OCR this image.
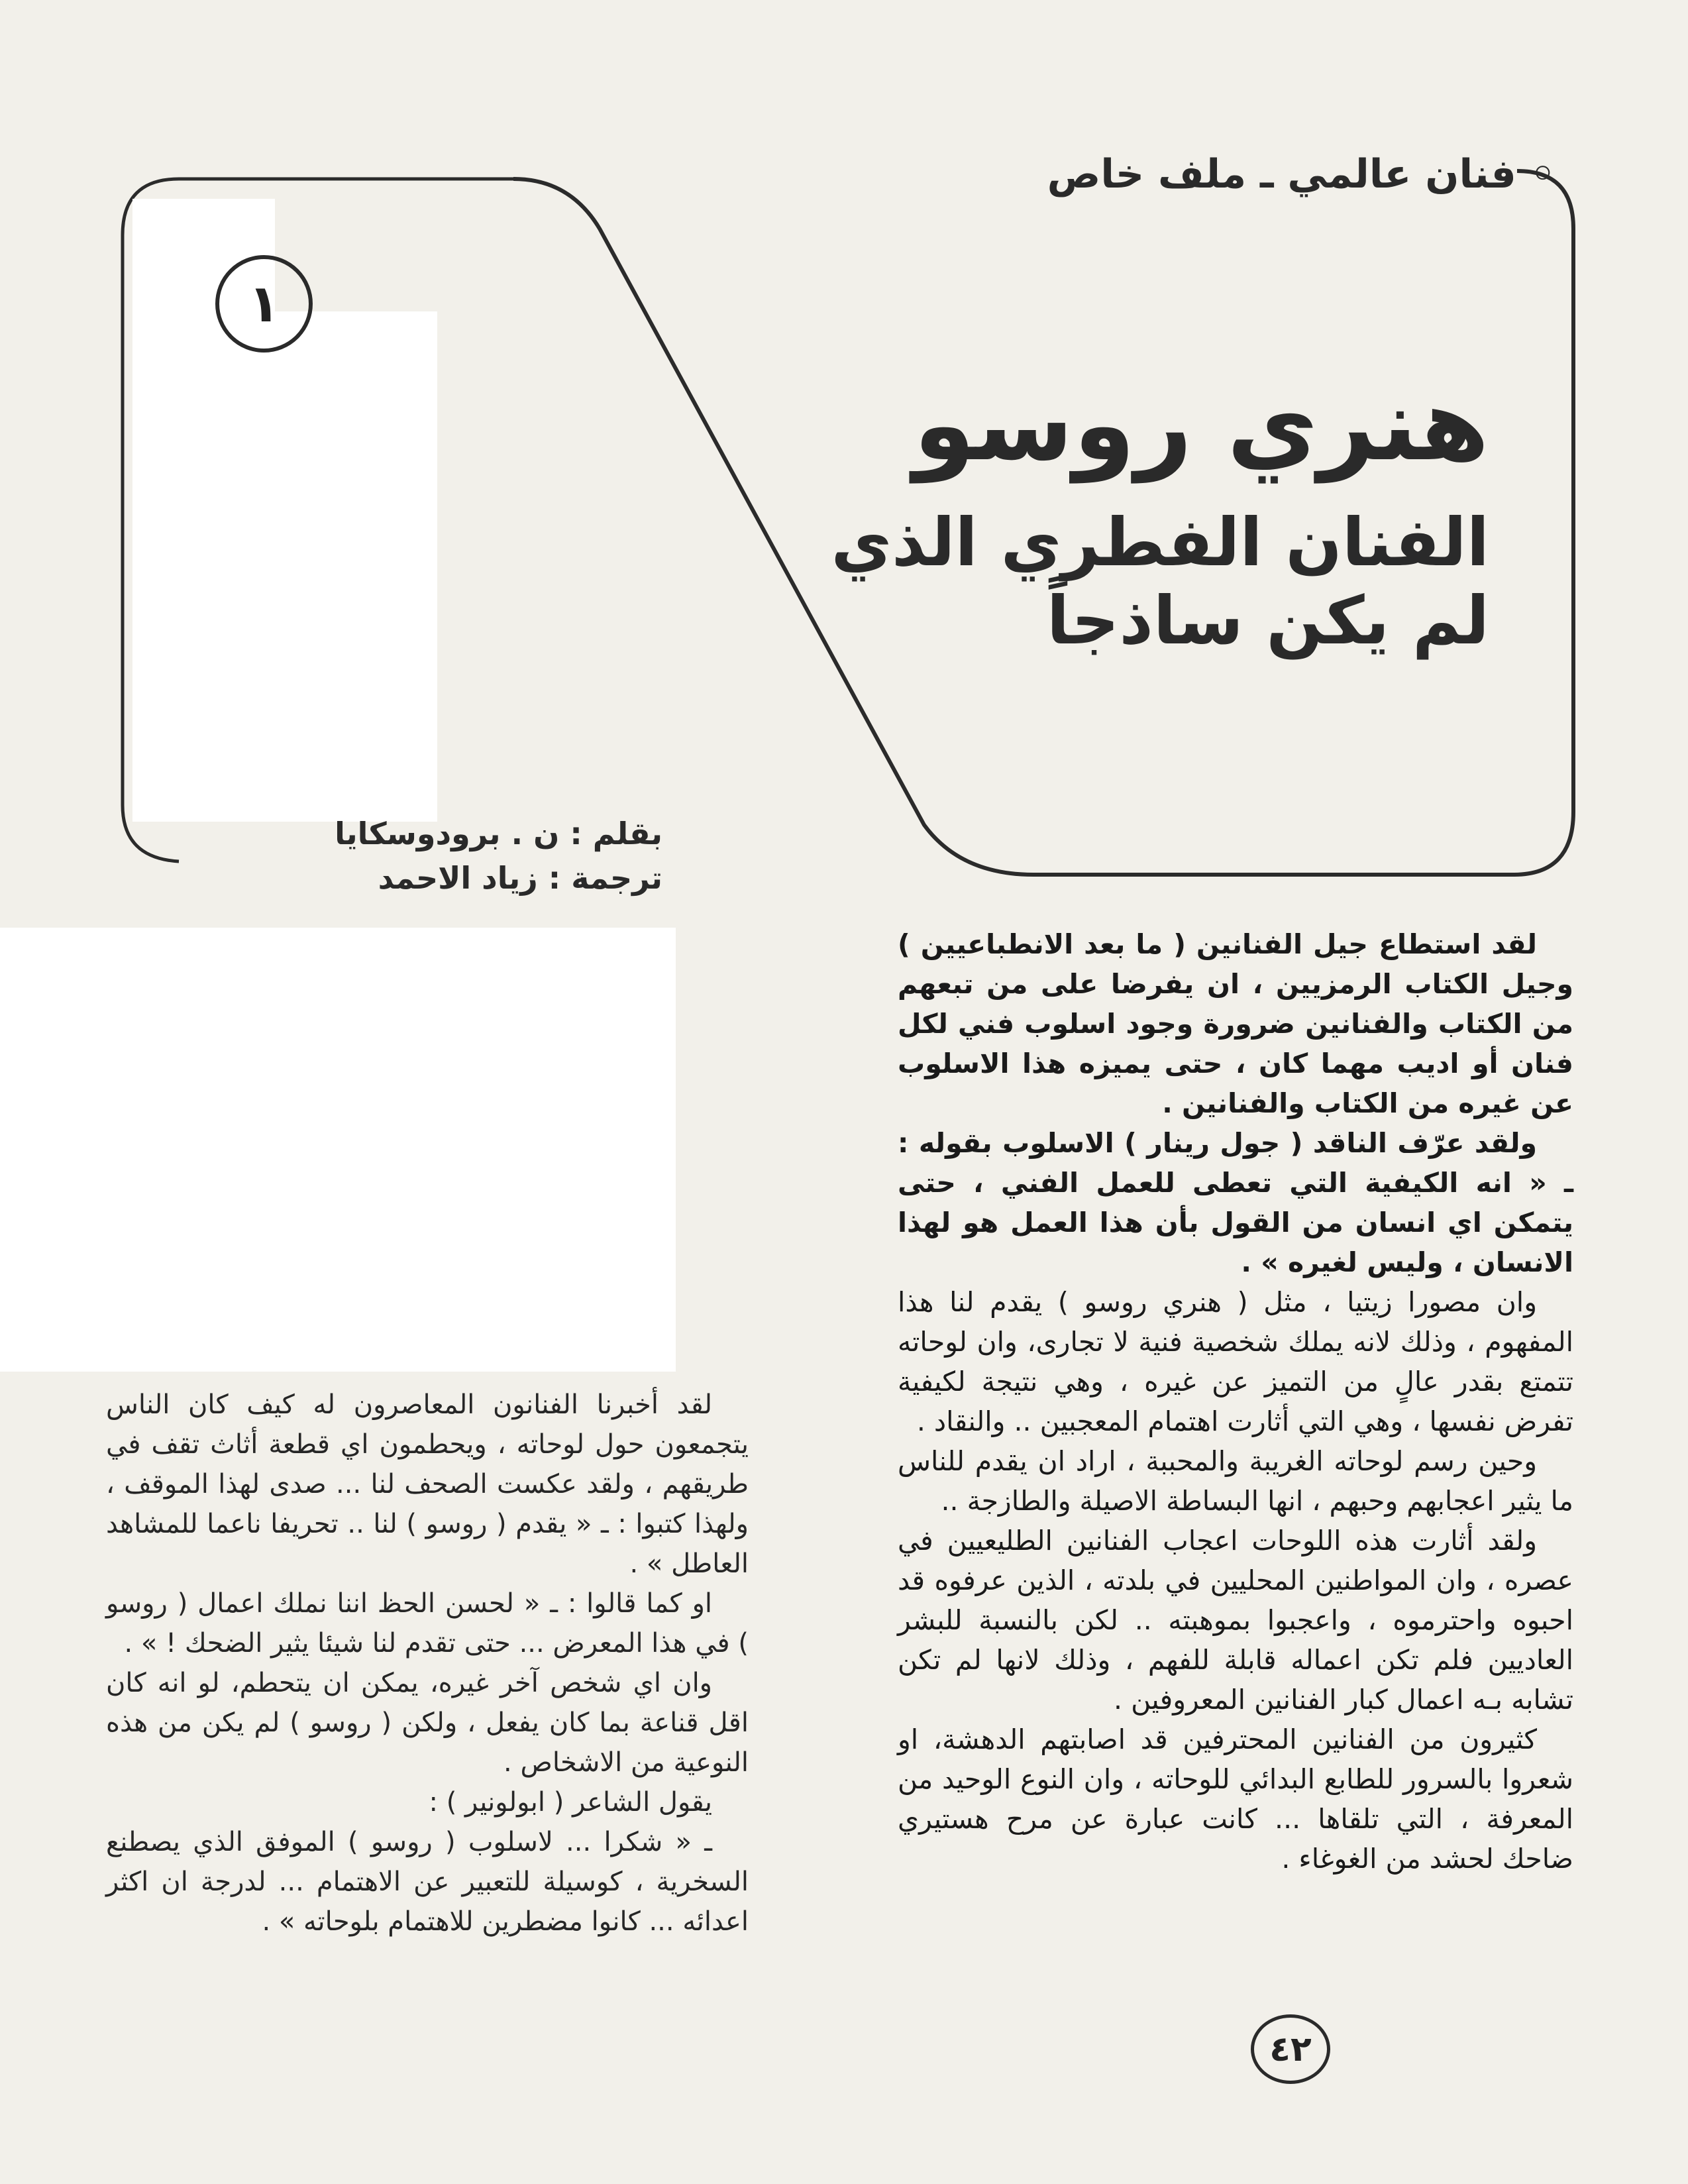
◦ فنان عالمي ـ ملف خاص
١
هنري روسو
الفنان الفطري الذي
لم يكن ساذجاً
بقلم : ن . برودوسكايا
ترجمة : زياد الاحمد

لقد استطاع جيل الفنانين ( ما بعد الانطباعيين ) وجيل الكتاب الرمزيين ، ان يفرضا على من تبعهم من الكتاب والفنانين ضرورة وجود اسلوب فني لكل فنان أو اديب مهما كان ، حتى يميزه هذا الاسلوب عن غيره من الكتاب والفنانين .

ولقد عرّف الناقد ( جول رينار ) الاسلوب بقوله : ـ « انه الكيفية التي تعطى للعمل الفني ، حتى يتمكن اي انسان من القول بأن هذا العمل هو لهذا الانسان ، وليس لغيره » .

وان مصورا زيتيا ، مثل ( هنري روسو ) يقدم لنا هذا المفهوم ، وذلك لانه يملك شخصية فنية لا تجارى، وان لوحاته تتمتع بقدر عالٍ من التميز عن غيره ، وهي نتيجة لكيفية تفرض نفسها ، وهي التي أثارت اهتمام المعجبين .. والنقاد .

وحين رسم لوحاته الغريبة والمحببة ، اراد ان يقدم للناس ما يثير اعجابهم وحبهم ، انها البساطة الاصيلة والطازجة ..

ولقد أثارت هذه اللوحات اعجاب الفنانين الطليعيين في عصره ، وان المواطنين المحليين في بلدته ، الذين عرفوه قد احبوه واحترموه ، واعجبوا بموهبته .. لكن بالنسبة للبشر العاديين فلم تكن اعماله قابلة للفهم ، وذلك لانها لم تكن تشابه بـه اعمال كبار الفنانين المعروفين .

كثيرون من الفنانين المحترفين قد اصابتهم الدهشة، او شعروا بالسرور للطابع البدائي للوحاته ، وان النوع الوحيد من المعرفة ، التي تلقاها ... كانت عبارة عن مرح هستيري ضاحك لحشد من الغوغاء .

لقد أخبرنا الفنانون المعاصرون له كيف كان الناس يتجمعون حول لوحاته ، ويحطمون اي قطعة أثاث تقف في طريقهم ، ولقد عكست الصحف لنا ... صدى لهذا الموقف ، ولهذا كتبوا : ـ « يقدم ( روسو ) لنا .. تحريفا ناعما للمشاهد العاطل » .

او كما قالوا : ـ « لحسن الحظ اننا نملك اعمال ( روسو ) في هذا المعرض ... حتى تقدم لنا شيئا يثير الضحك ! » .

وان اي شخص آخر غيره، يمكن ان يتحطم، لو انه كان اقل قناعة بما كان يفعل ، ولكن ( روسو ) لم يكن من هذه النوعية من الاشخاص .

يقول الشاعر ( ابولونير ) :

ـ « شكرا ... لاسلوب ( روسو ) الموفق الذي يصطنع السخرية ، كوسيلة للتعبير عن الاهتمام ... لدرجة ان اكثر اعدائه ... كانوا مضطرين للاهتمام بلوحاته » .

٤٢
